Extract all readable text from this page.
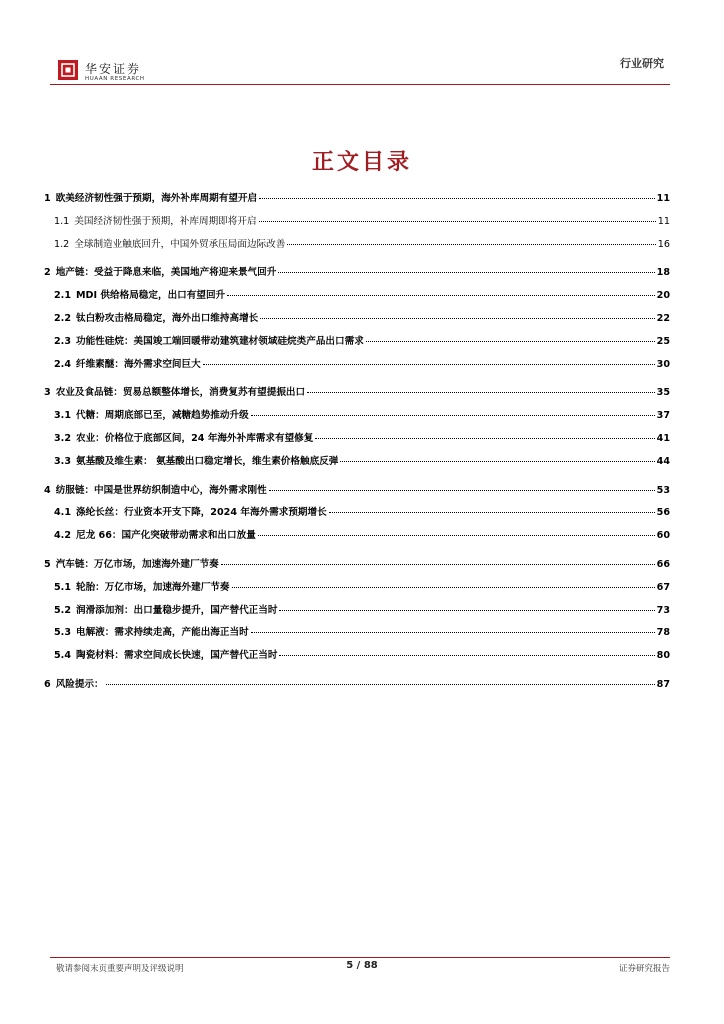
华安证券
HUAAN RESEARCH
行业研究
正文目录
1 欧美经济韧性强于预期，海外补库周期有望开启	11
1.1 美国经济韧性强于预期，补库周期即将开启	11
1.2 全球制造业触底回升，中国外贸承压局面边际改善	16
2 地产链：受益于降息来临，美国地产将迎来景气回升	18
2.1 MDI 供给格局稳定，出口有望回升	20
2.2 钛白粉攻击格局稳定，海外出口维持高增长	22
2.3 功能性硅烷：美国竣工端回暖带动建筑建材领域硅烷类产品出口需求	25
2.4 纤维素醚：海外需求空间巨大	30
3 农业及食品链：贸易总额整体增长，消费复苏有望提振出口	35
3.1 代糖：周期底部已至，减糖趋势推动升级	37
3.2 农业：价格位于底部区间，24 年海外补库需求有望修复	41
3.3 氨基酸及维生素： 氨基酸出口稳定增长，维生素价格触底反弹	44
4 纺服链：中国是世界纺织制造中心，海外需求刚性	53
4.1 涤纶长丝：行业资本开支下降，2024 年海外需求预期增长	56
4.2 尼龙 66：国产化突破带动需求和出口放量	60
5 汽车链：万亿市场，加速海外建厂节奏	66
5.1 轮胎：万亿市场，加速海外建厂节奏	67
5.2 润滑添加剂：出口量稳步提升，国产替代正当时	73
5.3 电解液：需求持续走高，产能出海正当时	78
5.4 陶瓷材料：需求空间成长快速，国产替代正当时	80
6 风险提示：	87
敬请参阅末页重要声明及评级说明	5 / 88	证券研究报告
